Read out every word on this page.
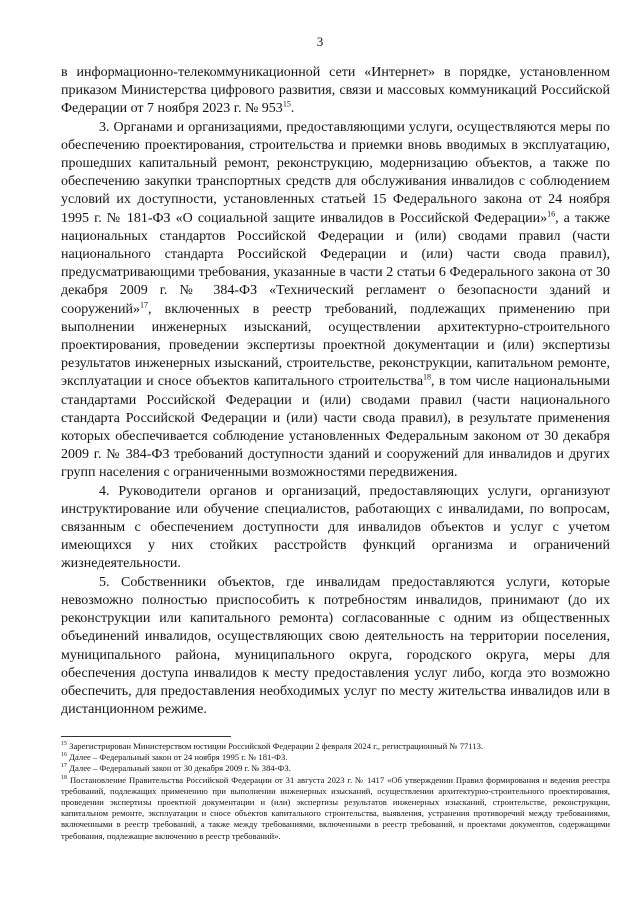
3

в информационно-телекоммуникационной сети «Интернет» в порядке, установленном приказом Министерства цифрового развития, связи и массовых коммуникаций Российской Федерации от 7 ноября 2023 г. № $953^{15}$.

3. Органами и организациями, предоставляющими услуги, осуществляются меры по обеспечению проектирования, строительства и приемки вновь вводимых в эксплуатацию, прошедших капитальный ремонт, реконструкцию, модернизацию объектов, а также по обеспечению закупки транспортных средств для обслуживания инвалидов с соблюдением условий их доступности, установленных статьей 15 Федерального закона от 24 ноября 1995 г. № 181-ФЗ «О социальной защите инвалидов в Российской Федерации»$^{16}$, а также национальных стандартов Российской Федерации и (или) сводами правил (части национального стандарта Российской Федерации и (или) части свода правил), предусматривающими требования, указанные в части 2 статьи 6 Федерального закона от 30 декабря 2009 г. № 384-ФЗ «Технический регламент о безопасности зданий и сооружений»$^{17}$, включенных в реестр требований, подлежащих применению при выполнении инженерных изысканий, осуществлении архитектурно-строительного проектирования, проведении экспертизы проектной документации и (или) экспертизы результатов инженерных изысканий, строительстве, реконструкции, капитальном ремонте, эксплуатации и сносе объектов капитального строительства$^{18}$, в том числе национальными стандартами Российской Федерации и (или) сводами правил (части национального стандарта Российской Федерации и (или) части свода правил), в результате применения которых обеспечивается соблюдение установленных Федеральным законом от 30 декабря 2009 г. № 384-ФЗ требований доступности зданий и сооружений для инвалидов и других групп населения с ограниченными возможностями передвижения.

4. Руководители органов и организаций, предоставляющих услуги, организуют инструктирование или обучение специалистов, работающих с инвалидами, по вопросам, связанным с обеспечением доступности для инвалидов объектов и услуг с учетом имеющихся у них стойких расстройств функций организма и ограничений жизнедеятельности.

5. Собственники объектов, где инвалидам предоставляются услуги, которые невозможно полностью приспособить к потребностям инвалидов, принимают (до их реконструкции или капитального ремонта) согласованные с одним из общественных объединений инвалидов, осуществляющих свою деятельность на территории поселения, муниципального района, муниципального округа, городского округа, меры для обеспечения доступа инвалидов к месту предоставления услуг либо, когда это возможно обеспечить, для предоставления необходимых услуг по месту жительства инвалидов или в дистанционном режиме.

$^{15}$ Зарегистрирован Министерством юстиции Российской Федерации 2 февраля 2024 г., регистрационный № 77113.

$^{16}$ Далее – Федеральный закон от 24 ноября 1995 г. № 181-ФЗ.

$^{17}$ Далее – Федеральный закон от 30 декабря 2009 г. № 384-ФЗ.

$^{18}$ Постановление Правительства Российской Федерации от 31 августа 2023 г. № 1417 «Об утверждении Правил формирования и ведения реестра требований, подлежащих применению при выполнении инженерных изысканий, осуществлении архитектурно-строительного проектирования, проведении экспертизы проектной документации и (или) экспертизы результатов инженерных изысканий, строительстве, реконструкции, капитальном ремонте, эксплуатации и сносе объектов капитального строительства, выявления, устранения противоречий между требованиями, включенными в реестр требований, а также между требованиями, включенными в реестр требований, и проектами документов, содержащими требования, подлежащие включению в реестр требований».
